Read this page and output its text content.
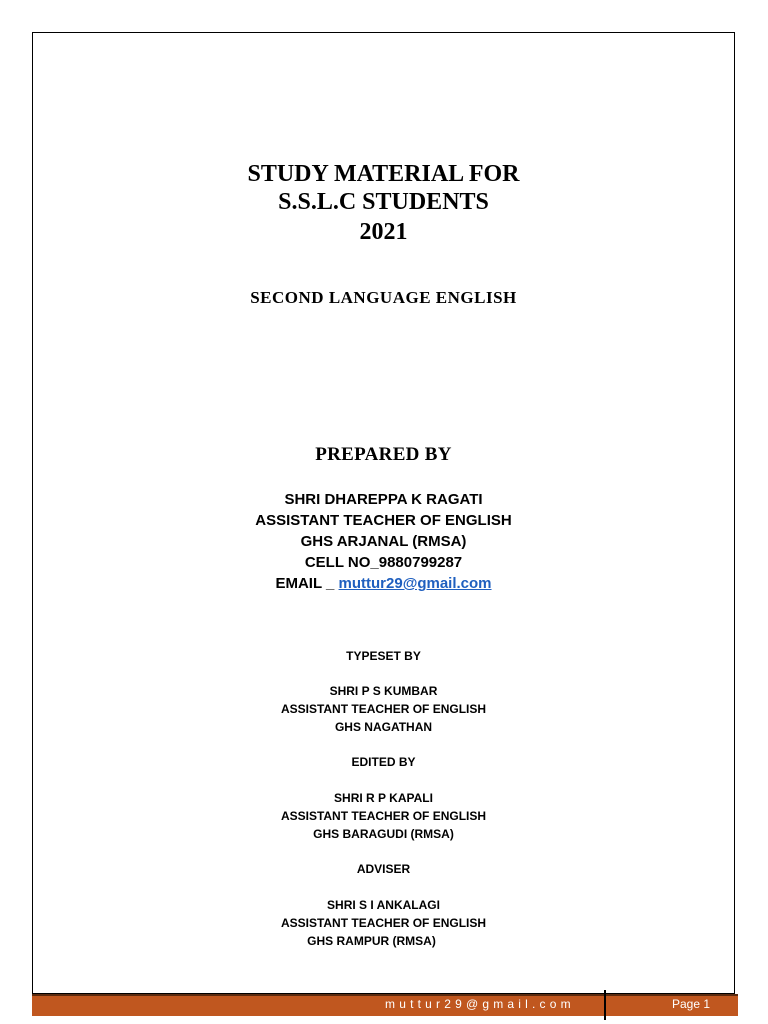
STUDY MATERIAL FOR
S.S.L.C STUDENTS
2021
SECOND LANGUAGE ENGLISH
PREPARED BY
SHRI DHAREPPA K RAGATI
ASSISTANT TEACHER OF ENGLISH
GHS ARJANAL (RMSA)
CELL NO_9880799287
EMAIL _ muttur29@gmail.com
TYPESET BY
SHRI P S KUMBAR
ASSISTANT TEACHER OF ENGLISH
GHS NAGATHAN
EDITED BY
SHRI R P KAPALI
ASSISTANT TEACHER OF ENGLISH
GHS BARAGUDI (RMSA)
ADVISER
SHRI S I ANKALAGI
ASSISTANT TEACHER OF ENGLISH
GHS RAMPUR (RMSA)
muttur29@gmail.com	Page 1
